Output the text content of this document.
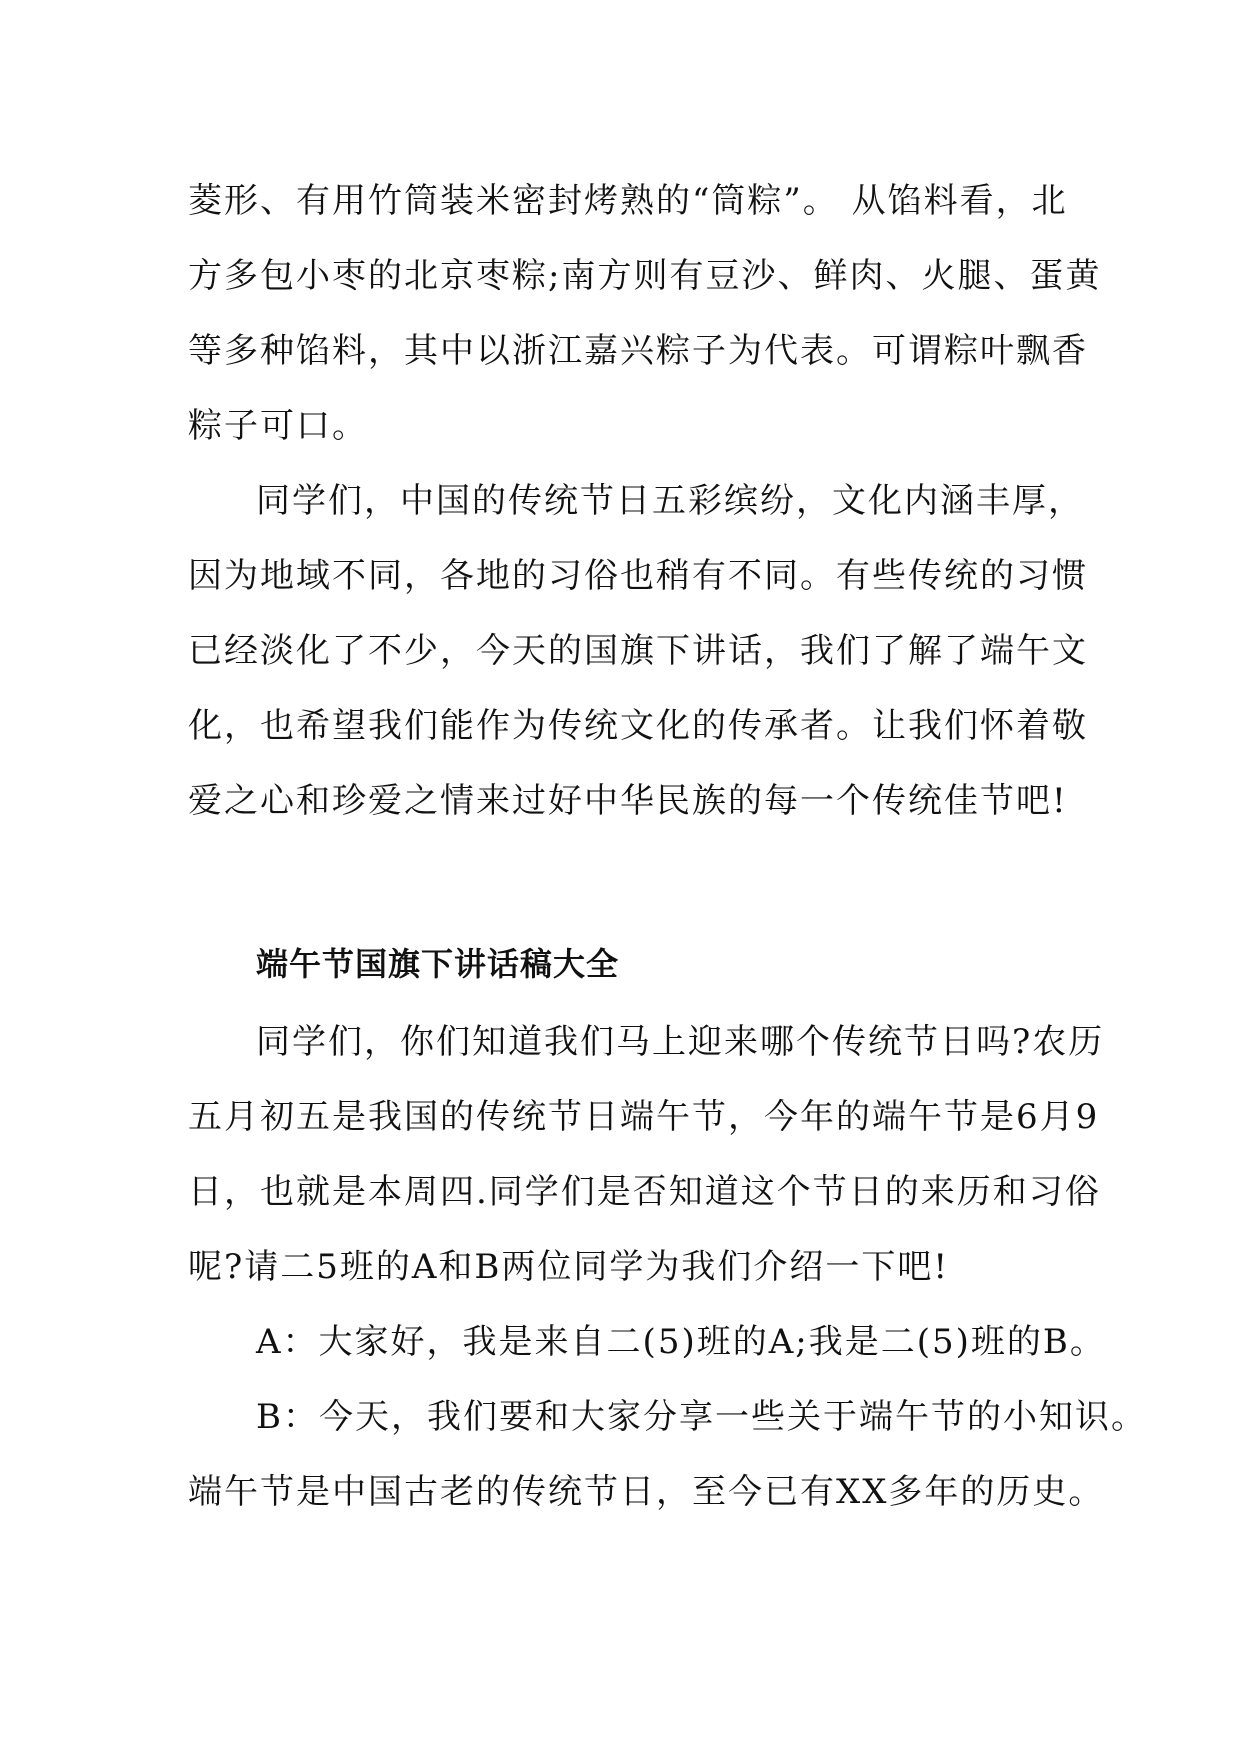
菱形、有用竹筒装米密封烤熟的“筒粽”。 从馅料看，北
方多包小枣的北京枣粽;南方则有豆沙、鲜肉、火腿、蛋黄
等多种馅料，其中以浙江嘉兴粽子为代表。可谓粽叶飘香
粽子可口。
同学们，中国的传统节日五彩缤纷，文化内涵丰厚，
因为地域不同，各地的习俗也稍有不同。有些传统的习惯
已经淡化了不少，今天的国旗下讲话，我们了解了端午文
化，也希望我们能作为传统文化的传承者。让我们怀着敬
爱之心和珍爱之情来过好中华民族的每一个传统佳节吧!
端午节国旗下讲话稿大全
同学们，你们知道我们马上迎来哪个传统节日吗?农历
五月初五是我国的传统节日端午节，今年的端午节是6月9
日，也就是本周四.同学们是否知道这个节日的来历和习俗
呢?请二5班的A和B两位同学为我们介绍一下吧!
A：大家好，我是来自二(5)班的A;我是二(5)班的B。
B：今天，我们要和大家分享一些关于端午节的小知识。
端午节是中国古老的传统节日，至今已有XX多年的历史。
